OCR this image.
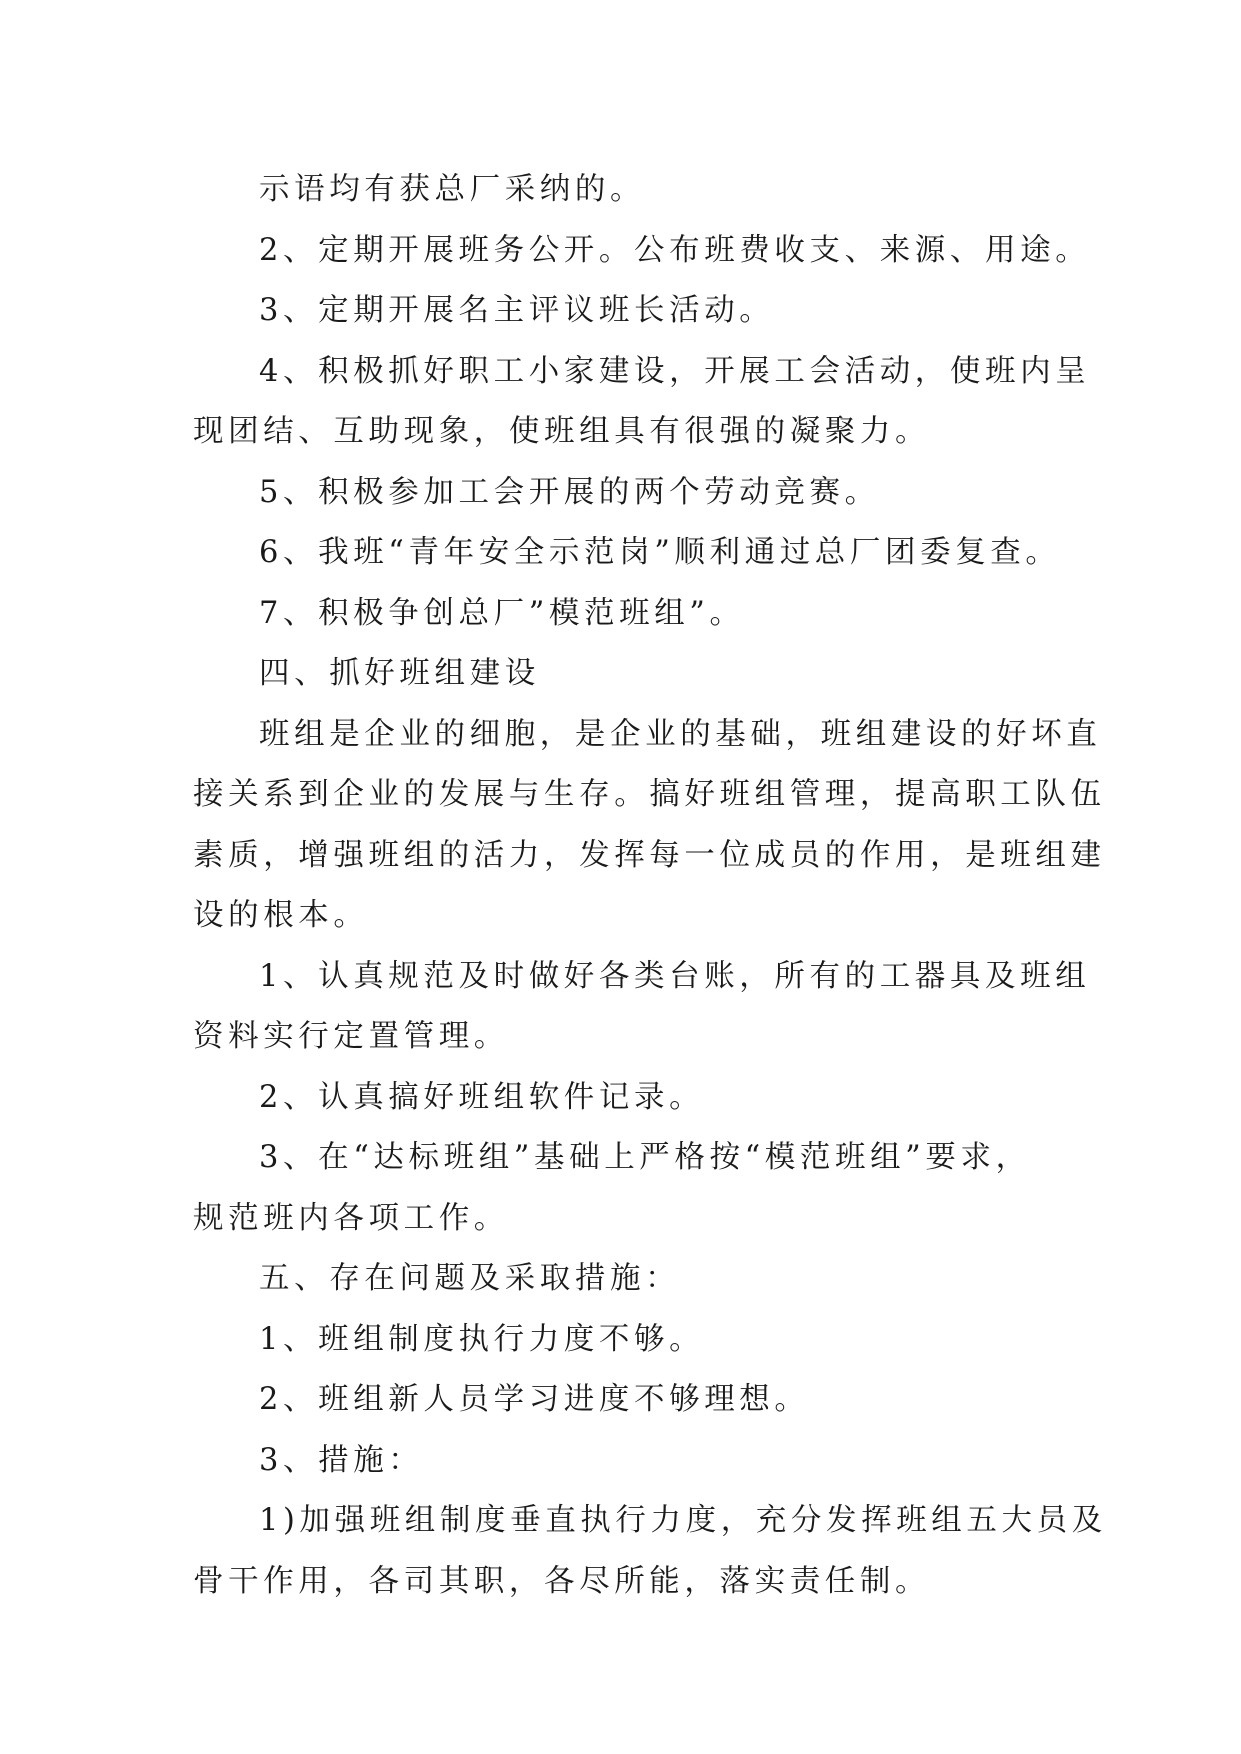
示语均有获总厂采纳的。
2、定期开展班务公开。公布班费收支、来源、用途。
3、定期开展名主评议班长活动。
4、积极抓好职工小家建设，开展工会活动，使班内呈
现团结、互助现象，使班组具有很强的凝聚力。
5、积极参加工会开展的两个劳动竞赛。
6、我班“青年安全示范岗”顺利通过总厂团委复查。
7、积极争创总厂”模范班组”。
四、抓好班组建设
班组是企业的细胞，是企业的基础，班组建设的好坏直
接关系到企业的发展与生存。搞好班组管理，提高职工队伍
素质，增强班组的活力，发挥每一位成员的作用，是班组建
设的根本。
1、认真规范及时做好各类台账，所有的工器具及班组
资料实行定置管理。
2、认真搞好班组软件记录。
3、在“达标班组”基础上严格按“模范班组”要求，
规范班内各项工作。
五、存在问题及采取措施：
1、班组制度执行力度不够。
2、班组新人员学习进度不够理想。
3、措施：
1)加强班组制度垂直执行力度，充分发挥班组五大员及
骨干作用，各司其职，各尽所能，落实责任制。
